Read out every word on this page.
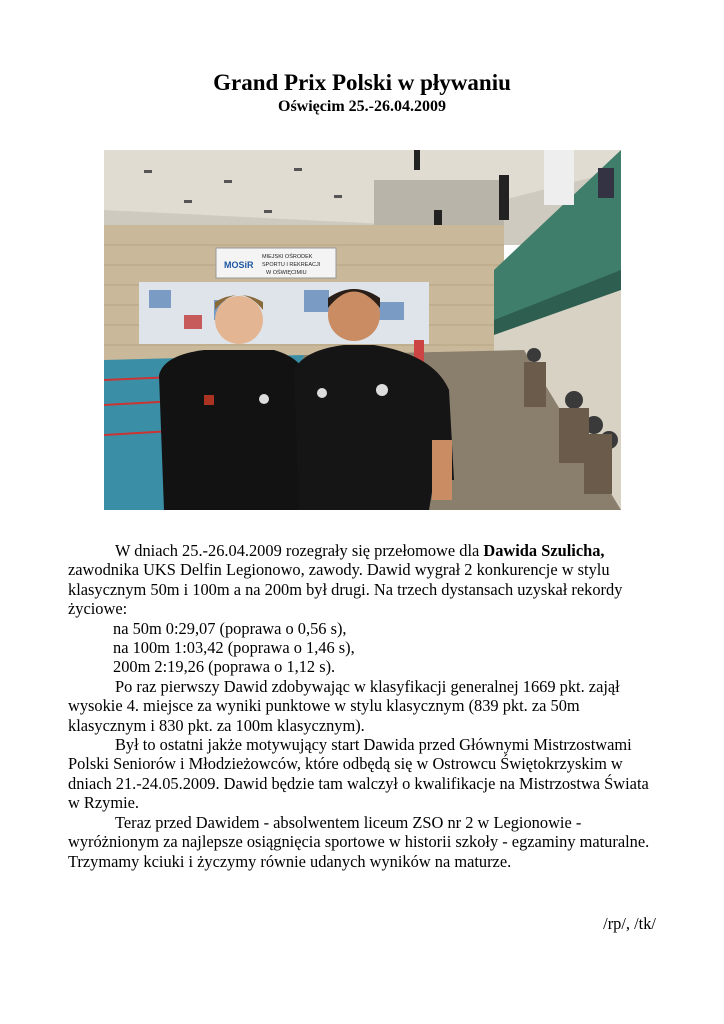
Grand Prix Polski w pływaniu
Oświęcim 25.-26.04.2009
MOSiR
MIEJSKI OŚRODEK
SPORTU I REKREACJI
W OŚWIĘCIMIU

W dniach 25.-26.04.2009 rozegrały się przełomowe dla Dawida Szulicha, zawodnika UKS Delfin Legionowo, zawody. Dawid wygrał 2 konkurencje w stylu klasycznym 50m i 100m a na 200m był drugi. Na trzech dystansach uzyskał rekordy życiowe:

na 50m 0:29,07 (poprawa o 0,56 s),

na 100m 1:03,42 (poprawa o 1,46 s),

200m 2:19,26 (poprawa o 1,12 s).

Po raz pierwszy Dawid zdobywając w klasyfikacji generalnej 1669 pkt. zajął wysokie 4. miejsce za wyniki punktowe w stylu klasycznym (839 pkt. za 50m klasycznym i 830 pkt. za 100m klasycznym).

Był to ostatni jakże motywujący start Dawida przed Głównymi Mistrzostwami Polski Seniorów i Młodzieżowców, które odbędą się w Ostrowcu Świętokrzyskim w dniach 21.-24.05.2009. Dawid będzie tam walczył o kwalifikacje na Mistrzostwa Świata w Rzymie.

Teraz przed Dawidem - absolwentem liceum ZSO nr 2 w Legionowie - wyróżnionym za najlepsze osiągnięcia sportowe w historii szkoły - egzaminy maturalne. Trzymamy kciuki i życzymy równie udanych wyników na maturze.

/rp/, /tk/
